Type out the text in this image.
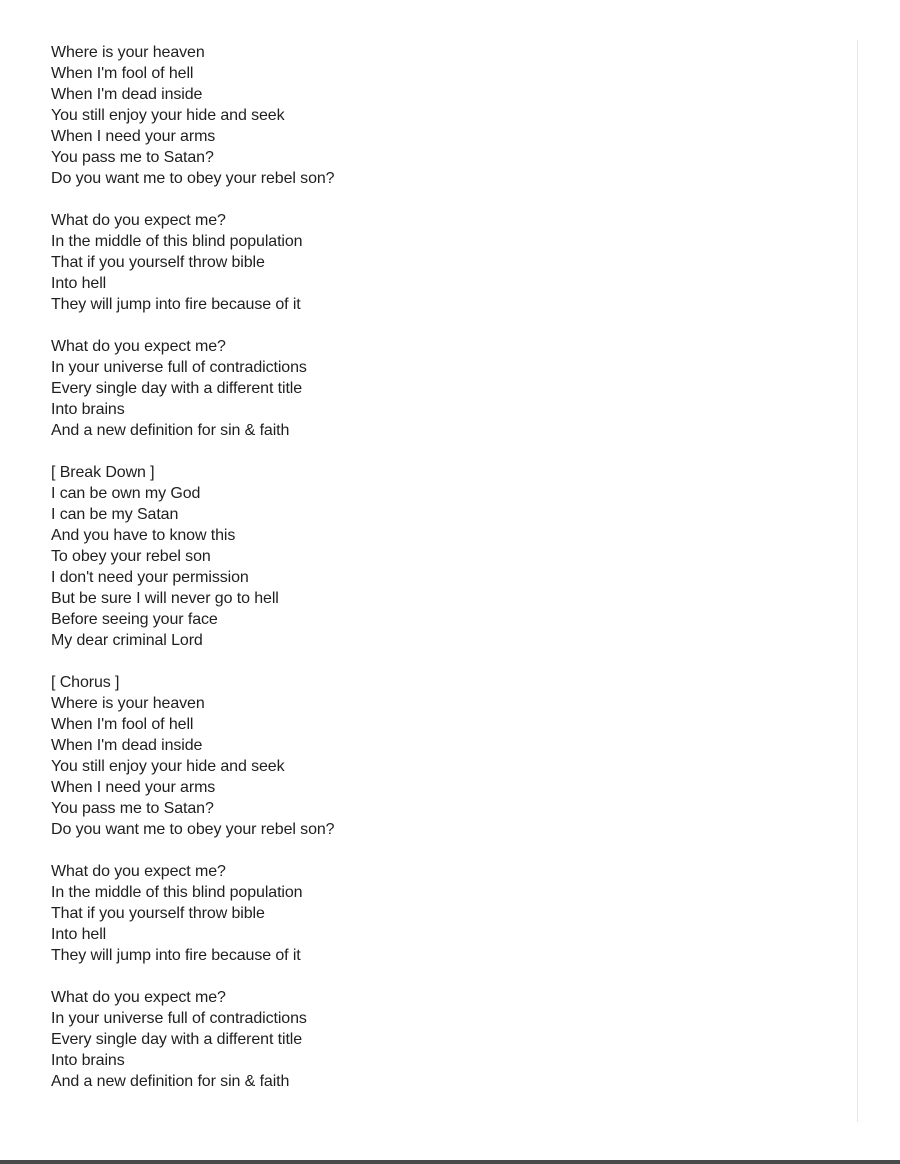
Where is your heaven
When I'm fool of hell
When I'm dead inside
You still enjoy your hide and seek
When I need your arms
You pass me to Satan?
Do you want me to obey your rebel son?
What do you expect me?
In the middle of this blind population
That if you yourself throw bible
Into hell
They will jump into fire because of it
What do you expect me?
In your universe full of contradictions
Every single day with a different title
Into brains
And a new definition for sin & faith
[ Break Down ]
I can be own my God
I can be my Satan
And you have to know this
To obey your rebel son
I don't need your permission
But be sure I will never go to hell
Before seeing your face
My dear criminal Lord
[ Chorus ]
Where is your heaven
When I'm fool of hell
When I'm dead inside
You still enjoy your hide and seek
When I need your arms
You pass me to Satan?
Do you want me to obey your rebel son?
What do you expect me?
In the middle of this blind population
That if you yourself throw bible
Into hell
They will jump into fire because of it
What do you expect me?
In your universe full of contradictions
Every single day with a different title
Into brains
And a new definition for sin & faith
